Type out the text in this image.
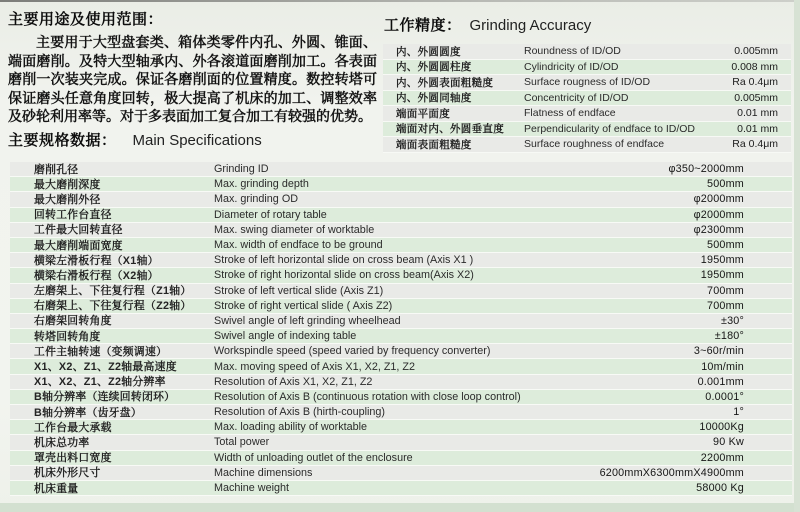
主要用途及使用范围：

主要用于大型盘套类、箱体类零件内孔、外圆、锥面、端面磨削。及特大型轴承内、外各滚道面磨削加工。各表面磨削一次装夹完成。保证各磨削面的位置精度。数控转塔可保证磨头任意角度回转，极大提高了机床的加工、调整效率及砂轮利用率等。对于多表面加工复合加工有较强的优势。

主要规格数据： Main Specifications
工作精度： Grinding Accuracy
内、外圆圆度	Roundness of ID/OD	0.005mm
内、外圆圆柱度	Cylindricity of ID/OD	0.008 mm
内、外圆表面粗糙度	Surface rougness of ID/OD	Ra 0.4μm
内、外圆同轴度	Concentricity of ID/OD	0.005mm
端面平面度	Flatness of endface	0.01 mm
端面对内、外圆垂直度	Perpendicularity of endface to ID/OD	0.01 mm
端面表面粗糙度	Surface roughness of endface	Ra 0.4μm
磨削孔径	Grinding ID	φ350~2000mm
最大磨削深度	Max. grinding depth	500mm
最大磨削外径	Max. grinding OD	φ2000mm
回转工作台直径	Diameter of rotary table	φ2000mm
工件最大回转直径	Max. swing diameter of worktable	φ2300mm
最大磨削端面宽度	Max. width of endface to be ground	500mm
横梁左滑板行程（X1轴）	Stroke of left horizontal slide on cross beam (Axis X1 )	1950mm
横梁右滑板行程（X2轴）	Stroke of right horizontal slide on cross beam(Axis X2)	1950mm
左磨架上、下往复行程（Z1轴）	Stroke of left vertical slide (Axis Z1)	700mm
右磨架上、下往复行程（Z2轴）	Stroke of right vertical slide ( Axis Z2)	700mm
右磨架回转角度	Swivel angle of left grinding wheelhead	±30°
转塔回转角度	Swivel angle of indexing table	±180°
工件主轴转速（变频调速）	Workspindle speed (speed varied by frequency converter)	3~60r/min
X1、X2、Z1、Z2轴最高速度	Max. moving speed of Axis X1, X2, Z1, Z2	10m/min
X1、X2、Z1、Z2轴分辨率	Resolution of Axis X1, X2, Z1, Z2	0.001mm
B轴分辨率（连续回转闭环）	Resolution of Axis B (continuous rotation with close loop control)	0.0001°
B轴分辨率（齿牙盘）	Resolution of Axis B (hirth-coupling)	1°
工作台最大承载	Max. loading ability of worktable	10000Kg
机床总功率	Total power	90 Kw
罩壳出料口宽度	Width of unloading outlet of the enclosure	2200mm
机床外形尺寸	Machine dimensions	6200mmX6300mmX4900mm
机床重量	Machine weight	58000 Kg
